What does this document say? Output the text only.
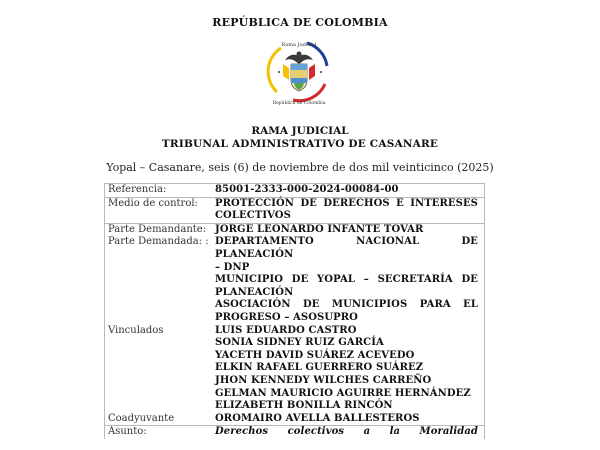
REPÚBLICA DE COLOMBIA
Rama Judicial
República de Colombia
RAMA JUDICIAL
TRIBUNAL ADMINISTRATIVO DE CASANARE
Yopal – Casanare, seis (6) de noviembre de dos mil veinticinco (2025)
Referencia:	85001-2333-000-2024-00084-00
Medio de control:	PROTECCIÓN DE DERECHOS E INTERESES
COLECTIVOS
Parte Demandante: JORGE LEONARDO INFANTE TOVAR
Parte Demandada: : DEPARTAMENTO NACIONAL DE PLANEACIÓN
– DNP
MUNICIPIO DE YOPAL – SECRETARÍA DE
PLANEACIÓN
ASOCIACIÓN DE MUNICIPIOS PARA EL
PROGRESO – ASOSUPRO
Vinculados	LUIS EDUARDO CASTRO
SONIA SIDNEY RUIZ GARCÍA
YACETH DAVID SUÁREZ ACEVEDO
ELKIN RAFAEL GUERRERO SUÁREZ
JHON KENNEDY WILCHES CARREÑO
GELMAN MAURICIO AGUIRRE HERNÁNDEZ
ELIZABETH BONILLA RINCÓN
Coadyuvante	OROMAIRO AVELLA BALLESTEROS
Asunto:	Derechos colectivos a la Moralidad
